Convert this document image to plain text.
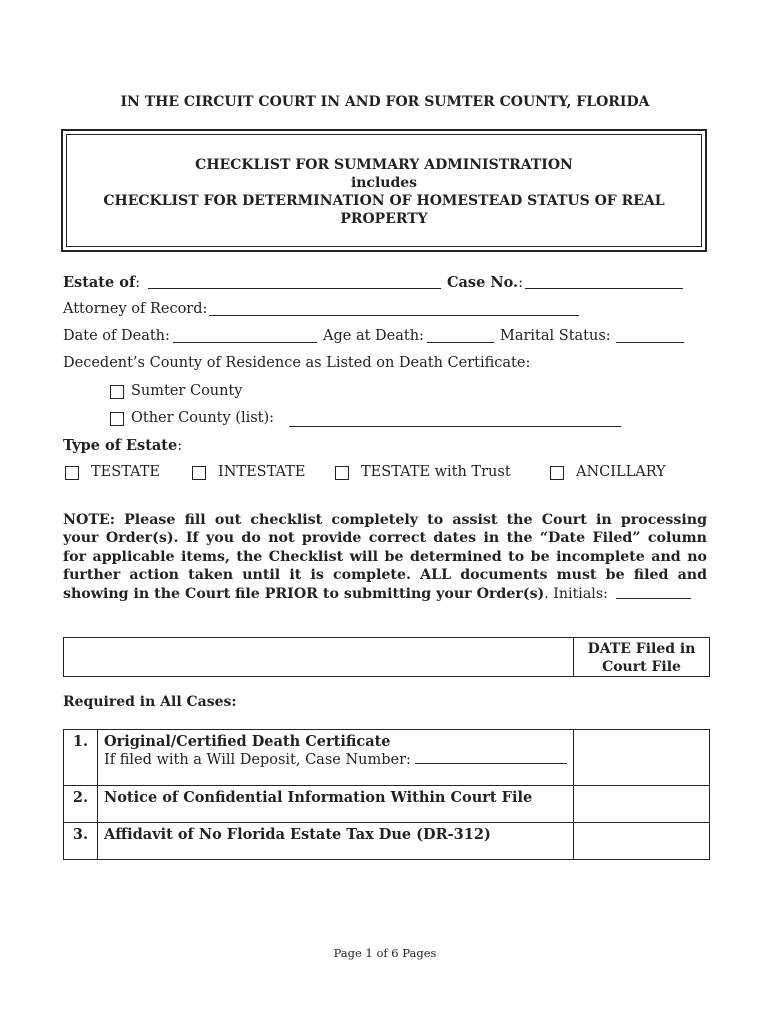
IN THE CIRCUIT COURT IN AND FOR SUMTER COUNTY, FLORIDA
CHECKLIST FOR SUMMARY ADMINISTRATION
includes
CHECKLIST FOR DETERMINATION OF HOMESTEAD STATUS OF REAL
PROPERTY
Estate of:	Case No.:
Attorney of Record:
Date of Death:	Age at Death:	Marital Status:
Decedent’s County of Residence as Listed on Death Certificate:
Sumter County
Other County (list):
Type of Estate:
TESTATE	INTESTATE	TESTATE with Trust	ANCILLARY
NOTE: Please fill out checklist completely to assist the Court in processing
your Order(s). If you do not provide correct dates in the “Date Filed” column
for applicable items, the Checklist will be determined to be incomplete and no
further action taken until it is complete. ALL documents must be filed and
showing in the Court file PRIOR to submitting your Order(s). Initials:

DATE Filed in
Court File
Required in All Cases:
1.	Original/Certified Death Certificate
If filed with a Will Deposit, Case Number:	

2.	Notice of Confidential Information Within Court File	
3.	Affidavit of No Florida Estate Tax Due (DR-312)	
Page 1 of 6 Pages
